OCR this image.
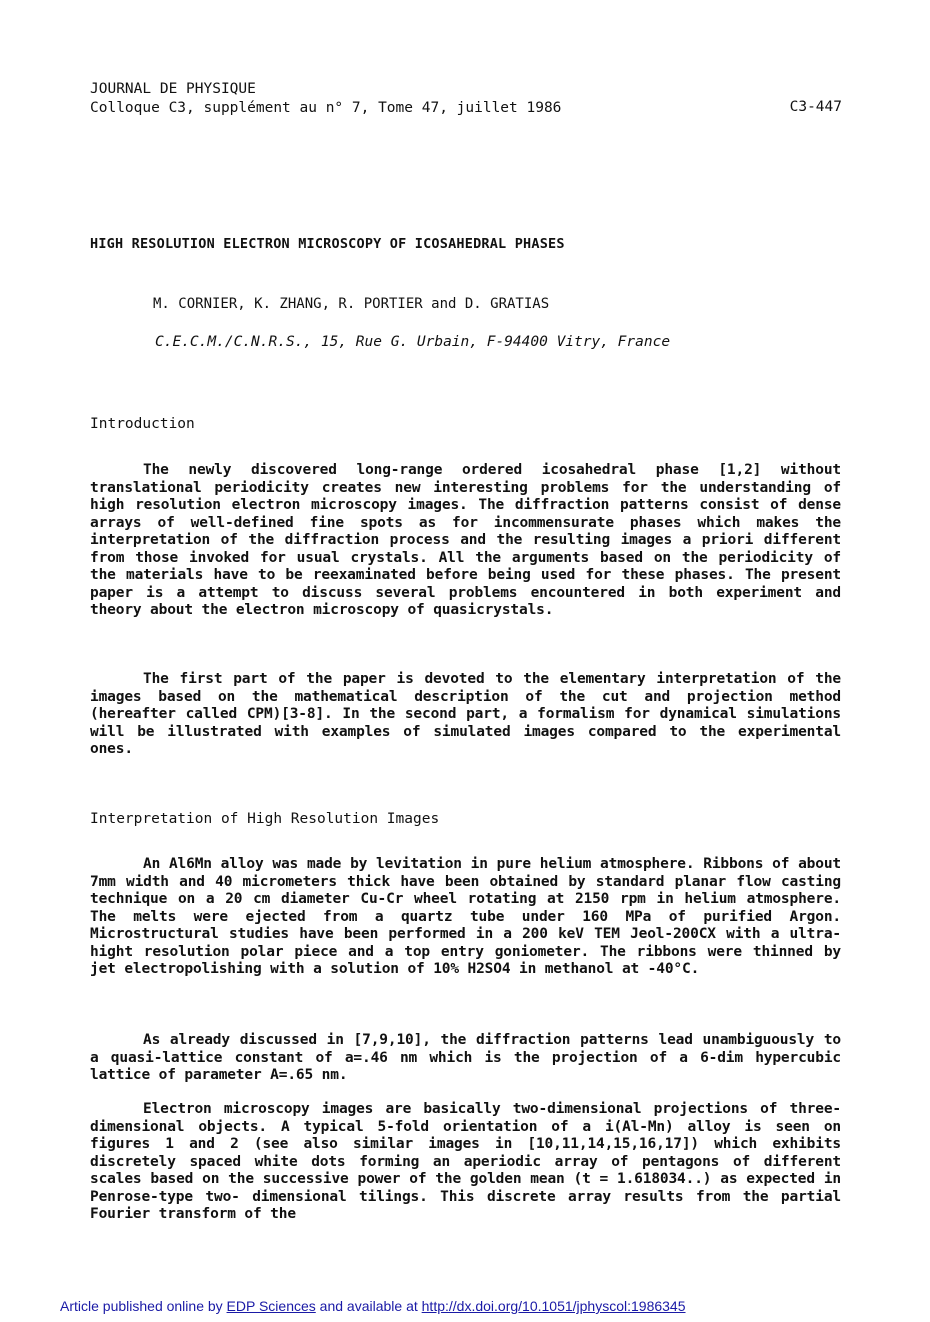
JOURNAL DE PHYSIQUE
Colloque C3, supplément au n° 7, Tome 47, juillet 1986	C3-447
HIGH RESOLUTION ELECTRON MICROSCOPY OF ICOSAHEDRAL PHASES
M. CORNIER, K. ZHANG, R. PORTIER and D. GRATIAS
C.E.C.M./C.N.R.S., 15, Rue G. Urbain, F-94400 Vitry, France
Introduction

The newly discovered long-range ordered icosahedral phase [1,2] without translational periodicity creates new interesting problems for the understanding of high resolution electron microscopy images. The diffraction patterns consist of dense arrays of well-defined fine spots as for incommensurate phases which makes the interpretation of the diffraction process and the resulting images a priori different from those invoked for usual crystals. All the arguments based on the periodicity of the materials have to be reexaminated before being used for these phases. The present paper is a attempt to discuss several problems encountered in both experiment and theory about the electron microscopy of quasicrystals.

The first part of the paper is devoted to the elementary interpretation of the images based on the mathematical description of the cut and projection method (hereafter called CPM)[3-8]. In the second part, a formalism for dynamical simulations will be illustrated with examples of simulated images compared to the experimental ones.

Interpretation of High Resolution Images

An Al6Mn alloy was made by levitation in pure helium atmosphere. Ribbons of about 7mm width and 40 micrometers thick have been obtained by standard planar flow casting technique on a 20 cm diameter Cu-Cr wheel rotating at 2150 rpm in helium atmosphere. The melts were ejected from a quartz tube under 160 MPa of purified Argon. Microstructural studies have been performed in a 200 keV TEM Jeol-200CX with a ultra-hight resolution polar piece and a top entry goniometer. The ribbons were thinned by jet electropolishing with a solution of 10% H2SO4 in methanol at -40°C.

As already discussed in [7,9,10], the diffraction patterns lead unambiguously to a quasi-lattice constant of a=.46 nm which is the projection of a 6-dim hypercubic lattice of parameter A=.65 nm.

Electron microscopy images are basically two-dimensional projections of three-dimensional objects. A typical 5-fold orientation of a i(Al-Mn) alloy is seen on figures 1 and 2 (see also similar images in [10,11,14,15,16,17]) which exhibits discretely spaced white dots forming an aperiodic array of pentagons of different scales based on the successive power of the golden mean (t = 1.618034..) as expected in Penrose-type two- dimensional tilings. This discrete array results from the partial Fourier transform of the

Article published online by EDP Sciences and available at http://dx.doi.org/10.1051/jphyscol:1986345
